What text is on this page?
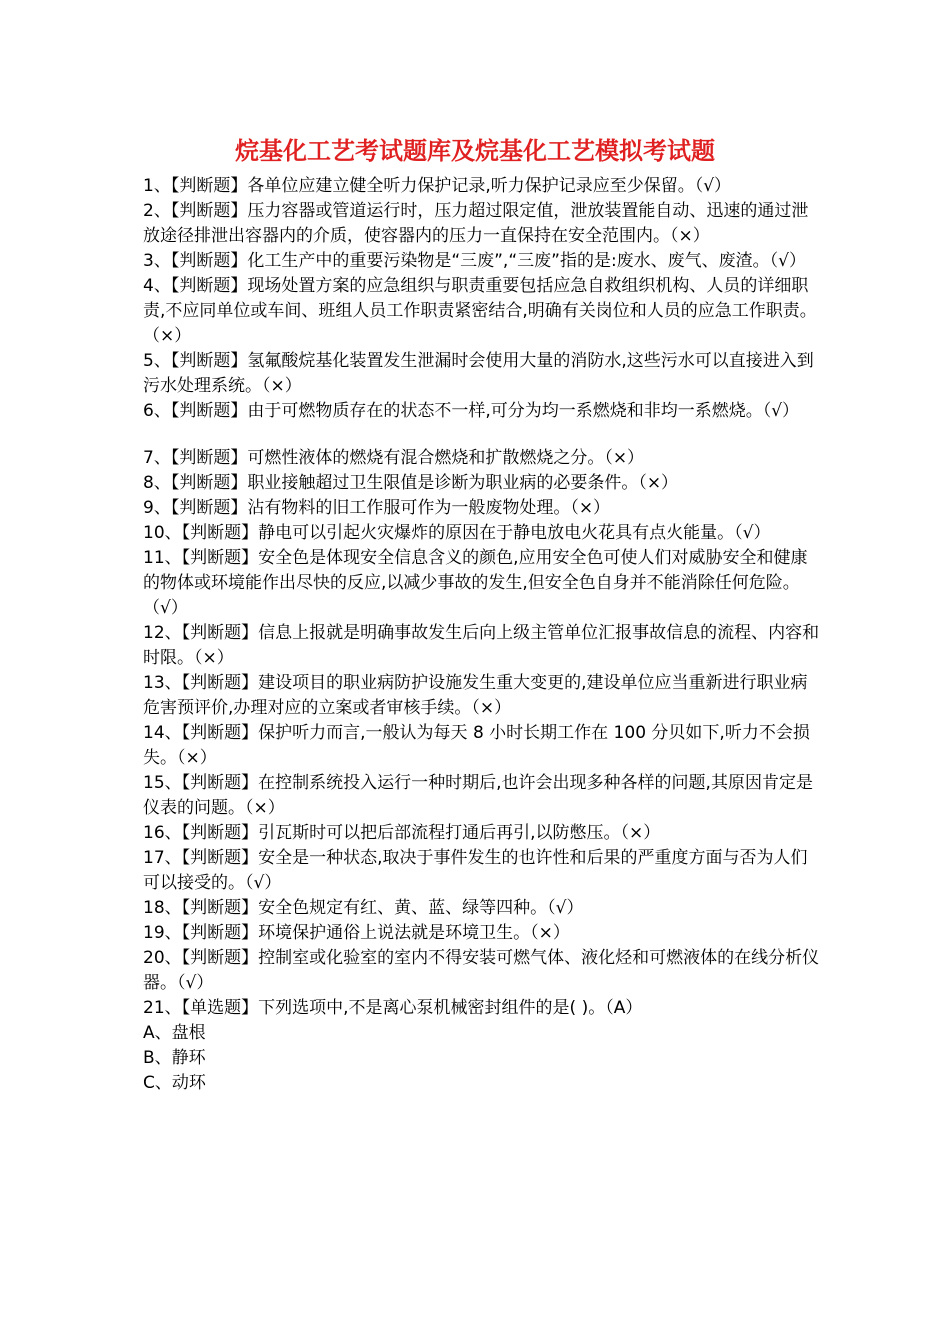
烷基化工艺考试题库及烷基化工艺模拟考试题

1、【判断题】各单位应建立健全听力保护记录,听力保护记录应至少保留。（√）

2、【判断题】压力容器或管道运行时，压力超过限定值，泄放装置能自动、迅速的通过泄放途径排泄出容器内的介质，使容器内的压力一直保持在安全范围内。（×）

3、【判断题】化工生产中的重要污染物是“三废”,“三废”指的是:废水、废气、废渣。（√）

4、【判断题】现场处置方案的应急组织与职责重要包括应急自救组织机构、人员的详细职责,不应同单位或车间、班组人员工作职责紧密结合,明确有关岗位和人员的应急工作职责。（×）

5、【判断题】氢氟酸烷基化装置发生泄漏时会使用大量的消防水,这些污水可以直接进入到污水处理系统。（×）

6、【判断题】由于可燃物质存在的状态不一样,可分为均一系燃烧和非均一系燃烧。（√）

7、【判断题】可燃性液体的燃烧有混合燃烧和扩散燃烧之分。（×）

8、【判断题】职业接触超过卫生限值是诊断为职业病的必要条件。（×）

9、【判断题】沾有物料的旧工作服可作为一般废物处理。（×）

10、【判断题】静电可以引起火灾爆炸的原因在于静电放电火花具有点火能量。（√）

11、【判断题】安全色是体现安全信息含义的颜色,应用安全色可使人们对威胁安全和健康的物体或环境能作出尽快的反应,以减少事故的发生,但安全色自身并不能消除任何危险。（√）

12、【判断题】信息上报就是明确事故发生后向上级主管单位汇报事故信息的流程、内容和时限。（×）

13、【判断题】建设项目的职业病防护设施发生重大变更的,建设单位应当重新进行职业病危害预评价,办理对应的立案或者审核手续。（×）

14、【判断题】保护听力而言,一般认为每天 8 小时长期工作在 100 分贝如下,听力不会损失。（×）

15、【判断题】在控制系统投入运行一种时期后,也许会出现多种各样的问题,其原因肯定是仪表的问题。（×）

16、【判断题】引瓦斯时可以把后部流程打通后再引,以防憋压。（×）

17、【判断题】安全是一种状态,取决于事件发生的也许性和后果的严重度方面与否为人们可以接受的。（√）

18、【判断题】安全色规定有红、黄、蓝、绿等四种。（√）

19、【判断题】环境保护通俗上说法就是环境卫生。（×）

20、【判断题】控制室或化验室的室内不得安装可燃气体、液化烃和可燃液体的在线分析仪器。（√）

21、【单选题】下列选项中,不是离心泵机械密封组件的是( )。（A）

A、盘根

B、静环

C、动环
